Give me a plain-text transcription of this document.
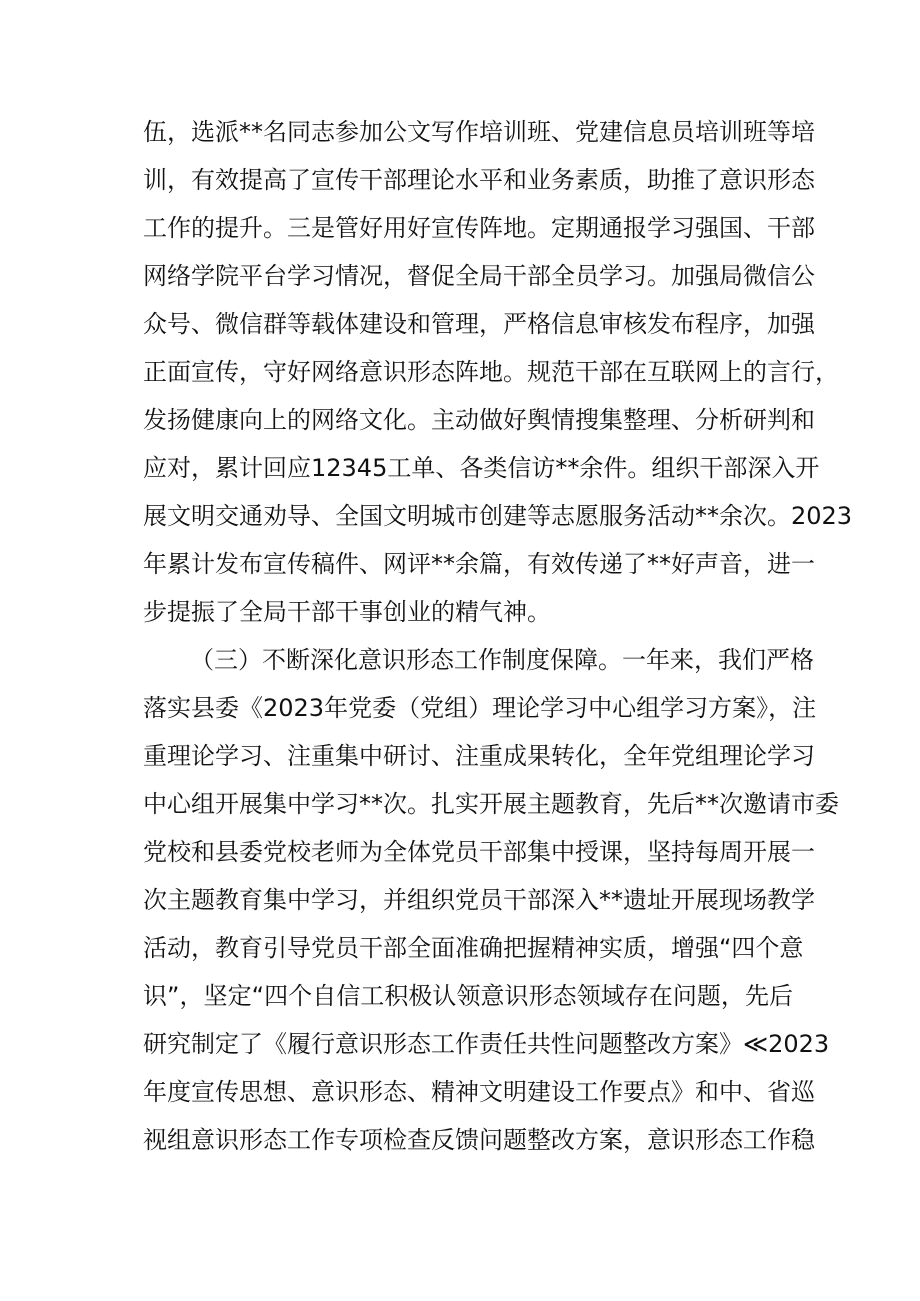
伍，选派**名同志参加公文写作培训班、党建信息员培训班等培
训，有效提高了宣传干部理论水平和业务素质，助推了意识形态
工作的提升。三是管好用好宣传阵地。定期通报学习强国、干部
网络学院平台学习情况，督促全局干部全员学习。加强局微信公
众号、微信群等载体建设和管理，严格信息审核发布程序，加强
正面宣传，守好网络意识形态阵地。规范干部在互联网上的言行，
发扬健康向上的网络文化。主动做好舆情搜集整理、分析研判和
应对，累计回应12345工单、各类信访**余件。组织干部深入开
展文明交通劝导、全国文明城市创建等志愿服务活动**余次。2023
年累计发布宣传稿件、网评**余篇，有效传递了**好声音，进一
步提振了全局干部干事创业的精气神。
（三）不断深化意识形态工作制度保障。一年来，我们严格
落实县委《2023年党委（党组）理论学习中心组学习方案》，注
重理论学习、注重集中研讨、注重成果转化，全年党组理论学习
中心组开展集中学习**次。扎实开展主题教育，先后**次邀请市委
党校和县委党校老师为全体党员干部集中授课，坚持每周开展一
次主题教育集中学习，并组织党员干部深入**遗址开展现场教学
活动，教育引导党员干部全面准确把握精神实质，增强“四个意
识”，坚定“四个自信工积极认领意识形态领域存在问题，先后
研究制定了《履行意识形态工作责任共性问题整改方案》≪2023
年度宣传思想、意识形态、精神文明建设工作要点》和中、省巡
视组意识形态工作专项检查反馈问题整改方案，意识形态工作稳
